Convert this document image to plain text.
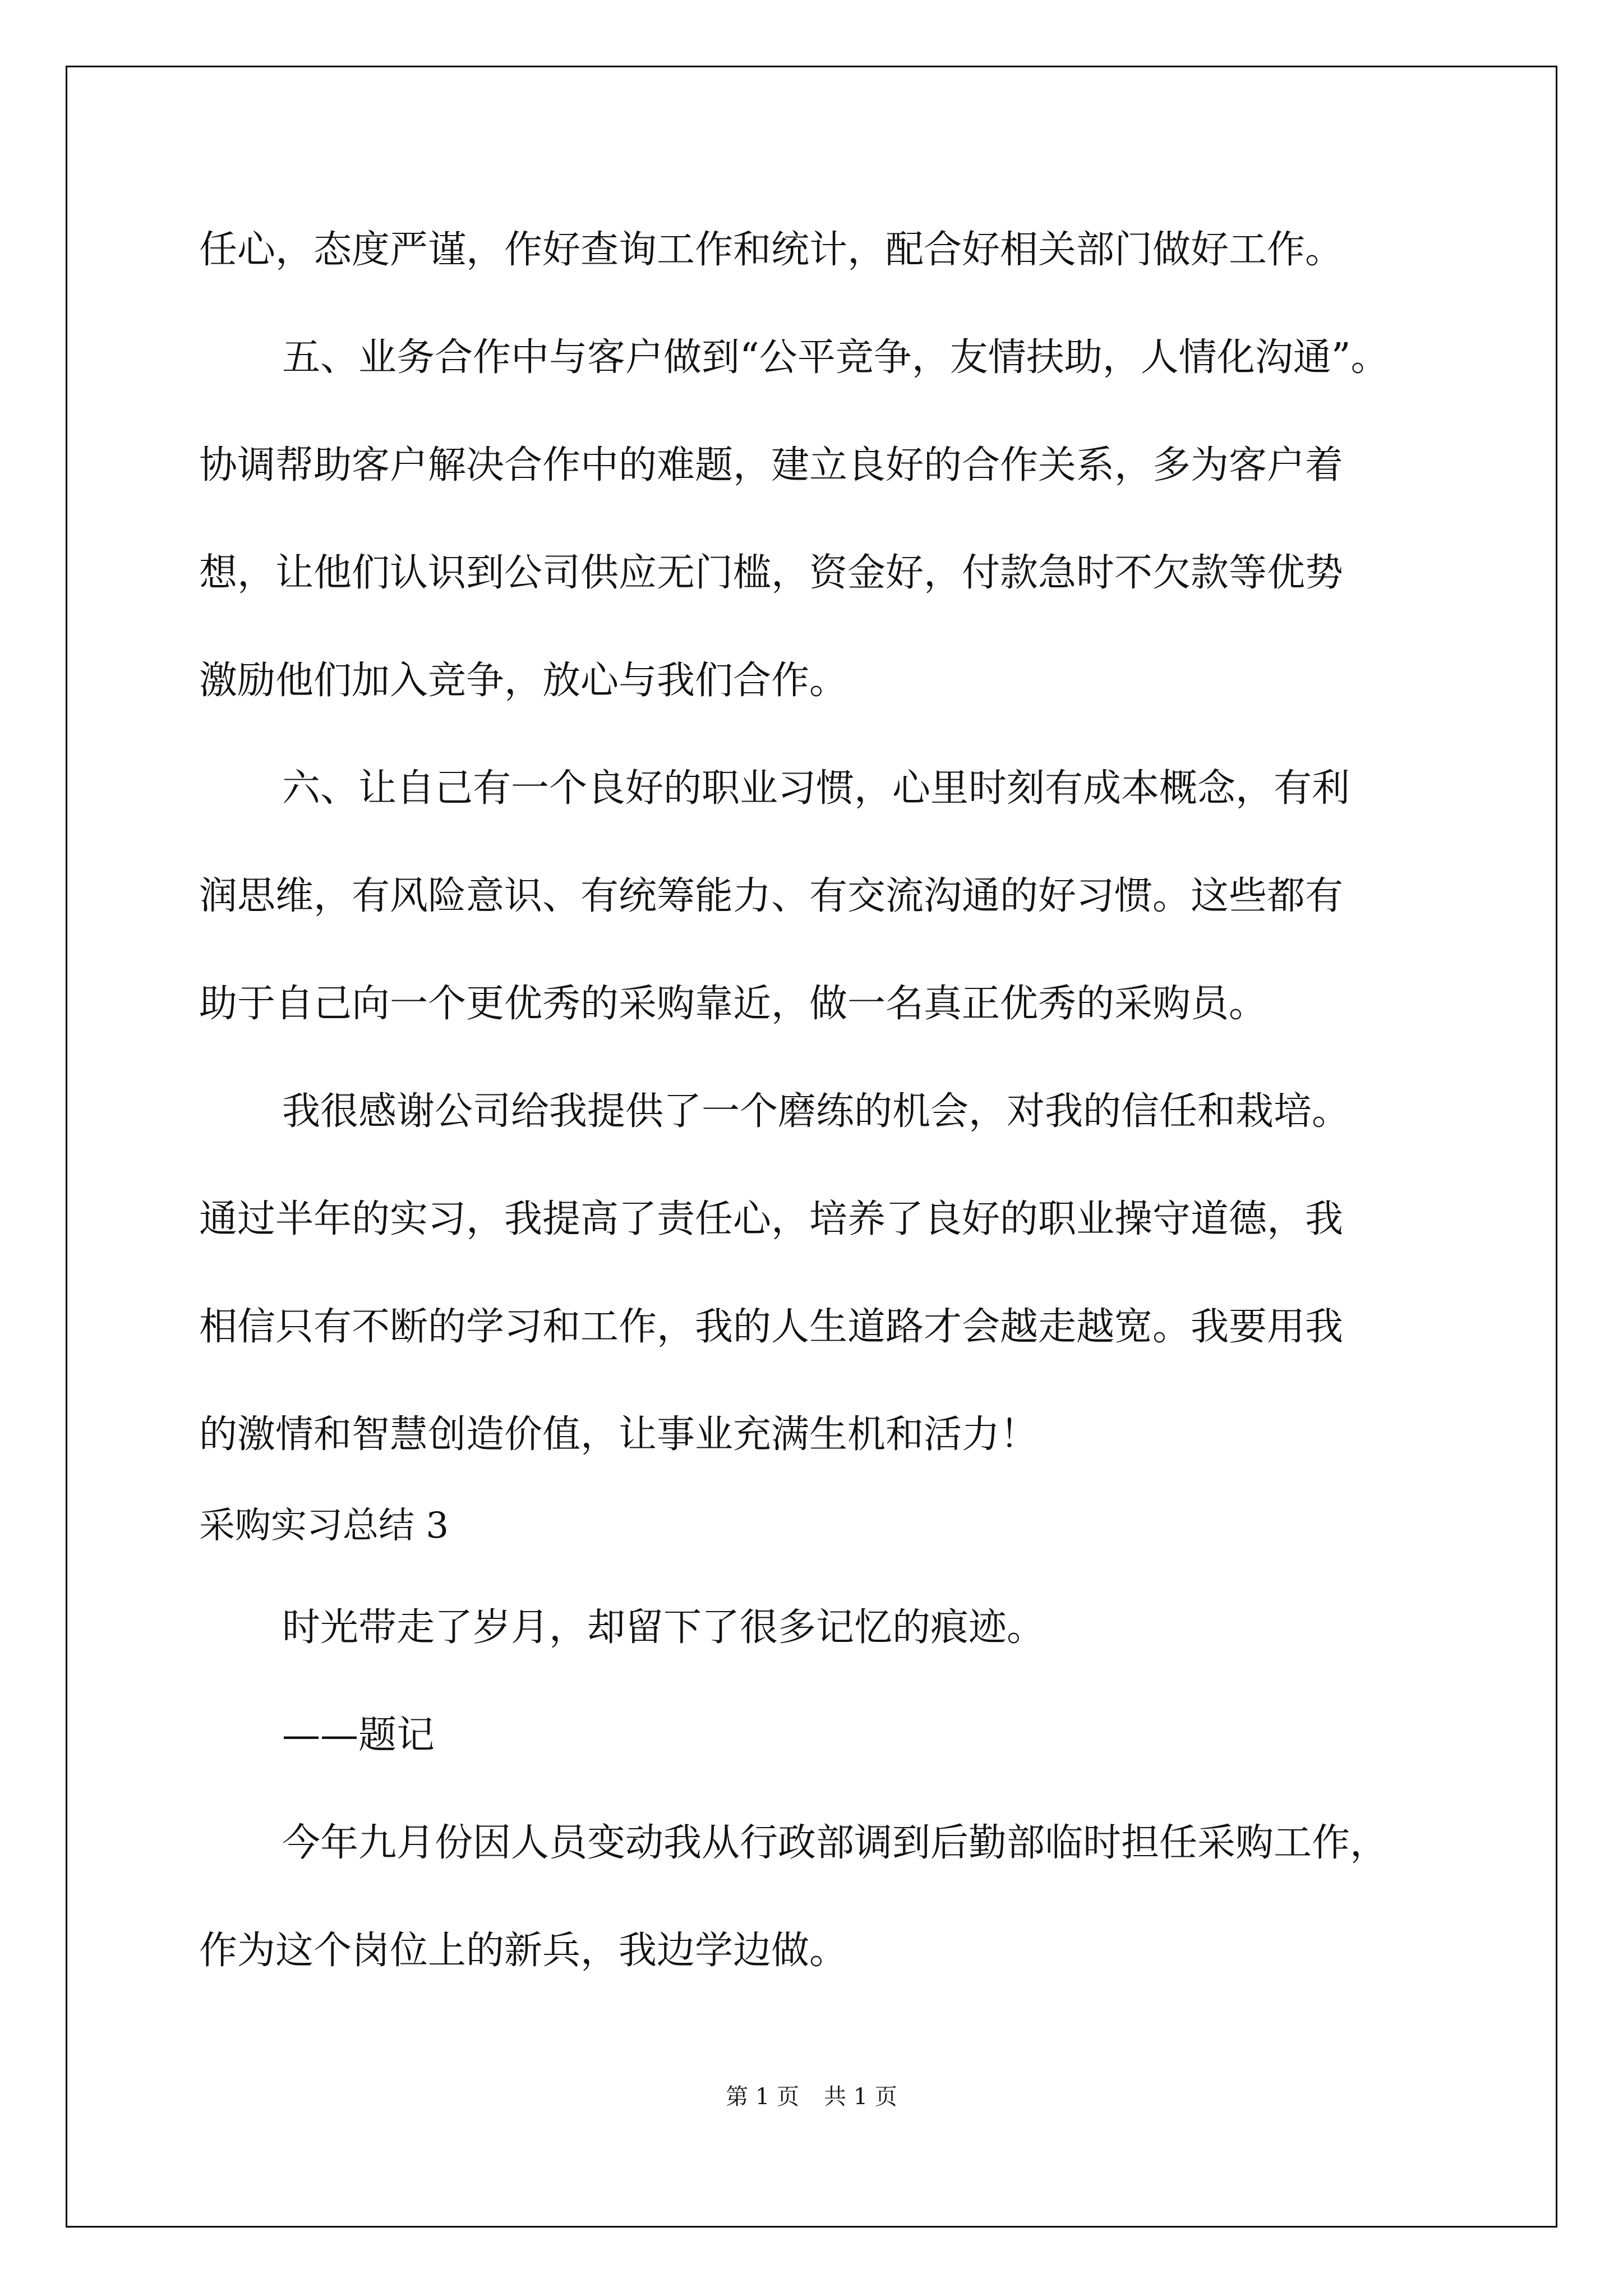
任心，态度严谨，作好查询工作和统计，配合好相关部门做好工作。
五、业务合作中与客户做到“公平竞争，友情扶助，人情化沟通”。
协调帮助客户解决合作中的难题，建立良好的合作关系，多为客户着
想，让他们认识到公司供应无门槛，资金好，付款急时不欠款等优势
激励他们加入竞争，放心与我们合作。
六、让自己有一个良好的职业习惯，心里时刻有成本概念，有利
润思维，有风险意识、有统筹能力、有交流沟通的好习惯。这些都有
助于自己向一个更优秀的采购靠近，做一名真正优秀的采购员。
我很感谢公司给我提供了一个磨练的机会，对我的信任和栽培。
通过半年的实习，我提高了责任心，培养了良好的职业操守道德，我
相信只有不断的学习和工作，我的人生道路才会越走越宽。我要用我
的激情和智慧创造价值，让事业充满生机和活力！
采购实习总结 3
时光带走了岁月，却留下了很多记忆的痕迹。
——题记
今年九月份因人员变动我从行政部调到后勤部临时担任采购工作，
作为这个岗位上的新兵，我边学边做。
第 1 页 共 1 页
